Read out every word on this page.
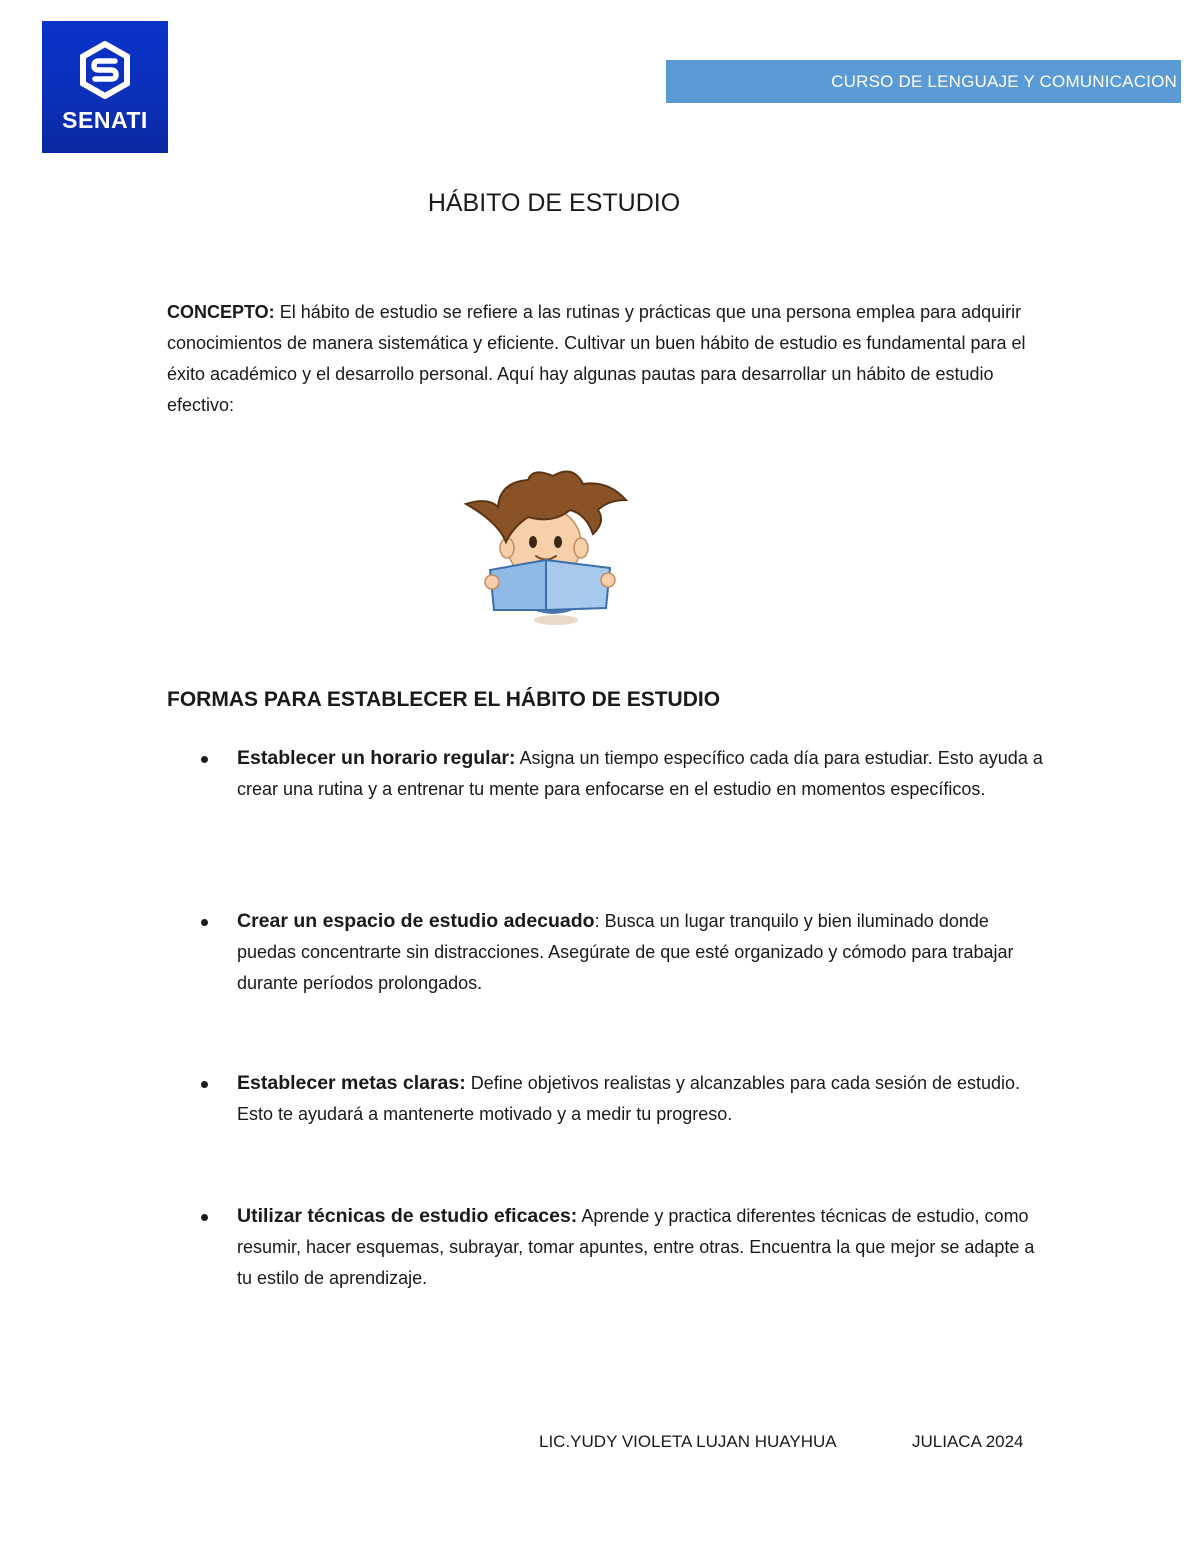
SENATI
CURSO DE LENGUAJE Y COMUNICACION
HÁBITO DE ESTUDIO

CONCEPTO: El hábito de estudio se refiere a las rutinas y prácticas que una persona emplea para adquirir conocimientos de manera sistemática y eficiente. Cultivar un buen hábito de estudio es fundamental para el éxito académico y el desarrollo personal. Aquí hay algunas pautas para desarrollar un hábito de estudio efectivo:

FORMAS PARA ESTABLECER EL HÁBITO DE ESTUDIO

Establecer un horario regular: Asigna un tiempo específico cada día para estudiar. Esto ayuda a crear una rutina y a entrenar tu mente para enfocarse en el estudio en momentos específicos.

Crear un espacio de estudio adecuado: Busca un lugar tranquilo y bien iluminado donde puedas concentrarte sin distracciones. Asegúrate de que esté organizado y cómodo para trabajar durante períodos prolongados.

Establecer metas claras: Define objetivos realistas y alcanzables para cada sesión de estudio. Esto te ayudará a mantenerte motivado y a medir tu progreso.

Utilizar técnicas de estudio eficaces: Aprende y practica diferentes técnicas de estudio, como resumir, hacer esquemas, subrayar, tomar apuntes, entre otras. Encuentra la que mejor se adapte a tu estilo de aprendizaje.

LIC.YUDY VIOLETA LUJAN HUAYHUA	JULIACA 2024
